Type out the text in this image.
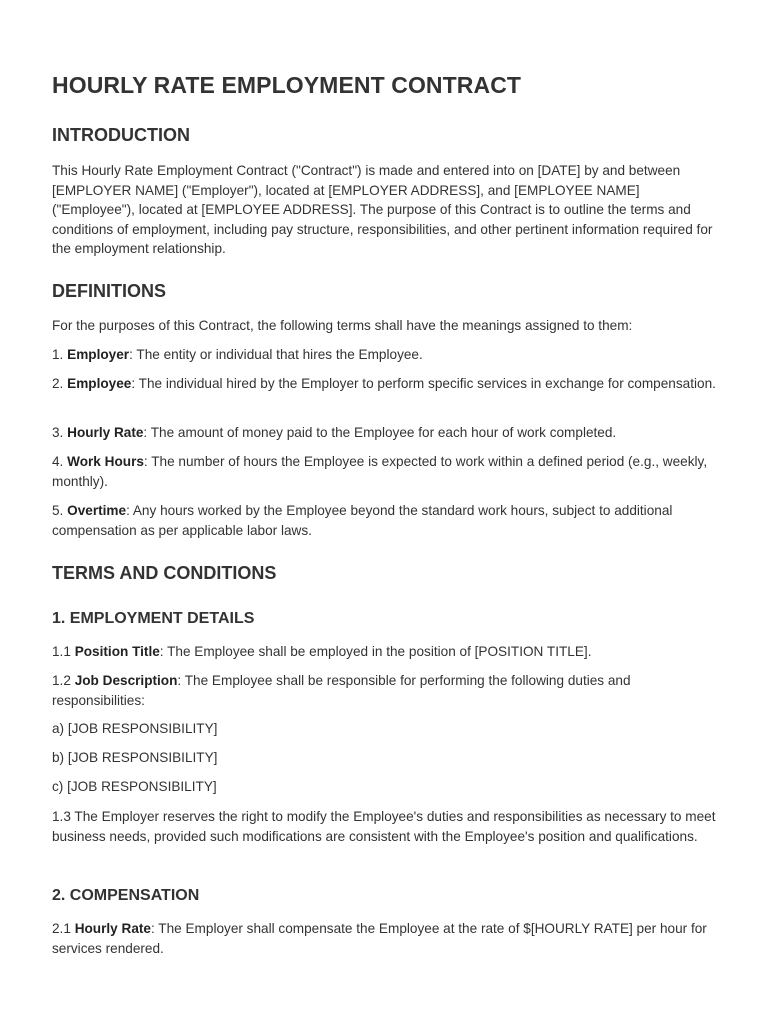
HOURLY RATE EMPLOYMENT CONTRACT
INTRODUCTION

This Hourly Rate Employment Contract ("Contract") is made and entered into on [DATE] by and between [EMPLOYER NAME] ("Employer"), located at [EMPLOYER ADDRESS], and [EMPLOYEE NAME] ("Employee"), located at [EMPLOYEE ADDRESS]. The purpose of this Contract is to outline the terms and conditions of employment, including pay structure, responsibilities, and other pertinent information required for the employment relationship.

DEFINITIONS

For the purposes of this Contract, the following terms shall have the meanings assigned to them:

1. Employer: The entity or individual that hires the Employee.

2. Employee: The individual hired by the Employer to perform specific services in exchange for compensation.

3. Hourly Rate: The amount of money paid to the Employee for each hour of work completed.

4. Work Hours: The number of hours the Employee is expected to work within a defined period (e.g., weekly, monthly).

5. Overtime: Any hours worked by the Employee beyond the standard work hours, subject to additional compensation as per applicable labor laws.

TERMS AND CONDITIONS
1. EMPLOYMENT DETAILS

1.1 Position Title: The Employee shall be employed in the position of [POSITION TITLE].

1.2 Job Description: The Employee shall be responsible for performing the following duties and responsibilities:

a) [JOB RESPONSIBILITY]

b) [JOB RESPONSIBILITY]

c) [JOB RESPONSIBILITY]

1.3 The Employer reserves the right to modify the Employee's duties and responsibilities as necessary to meet business needs, provided such modifications are consistent with the Employee's position and qualifications.

2. COMPENSATION

2.1 Hourly Rate: The Employer shall compensate the Employee at the rate of $[HOURLY RATE] per hour for services rendered.
